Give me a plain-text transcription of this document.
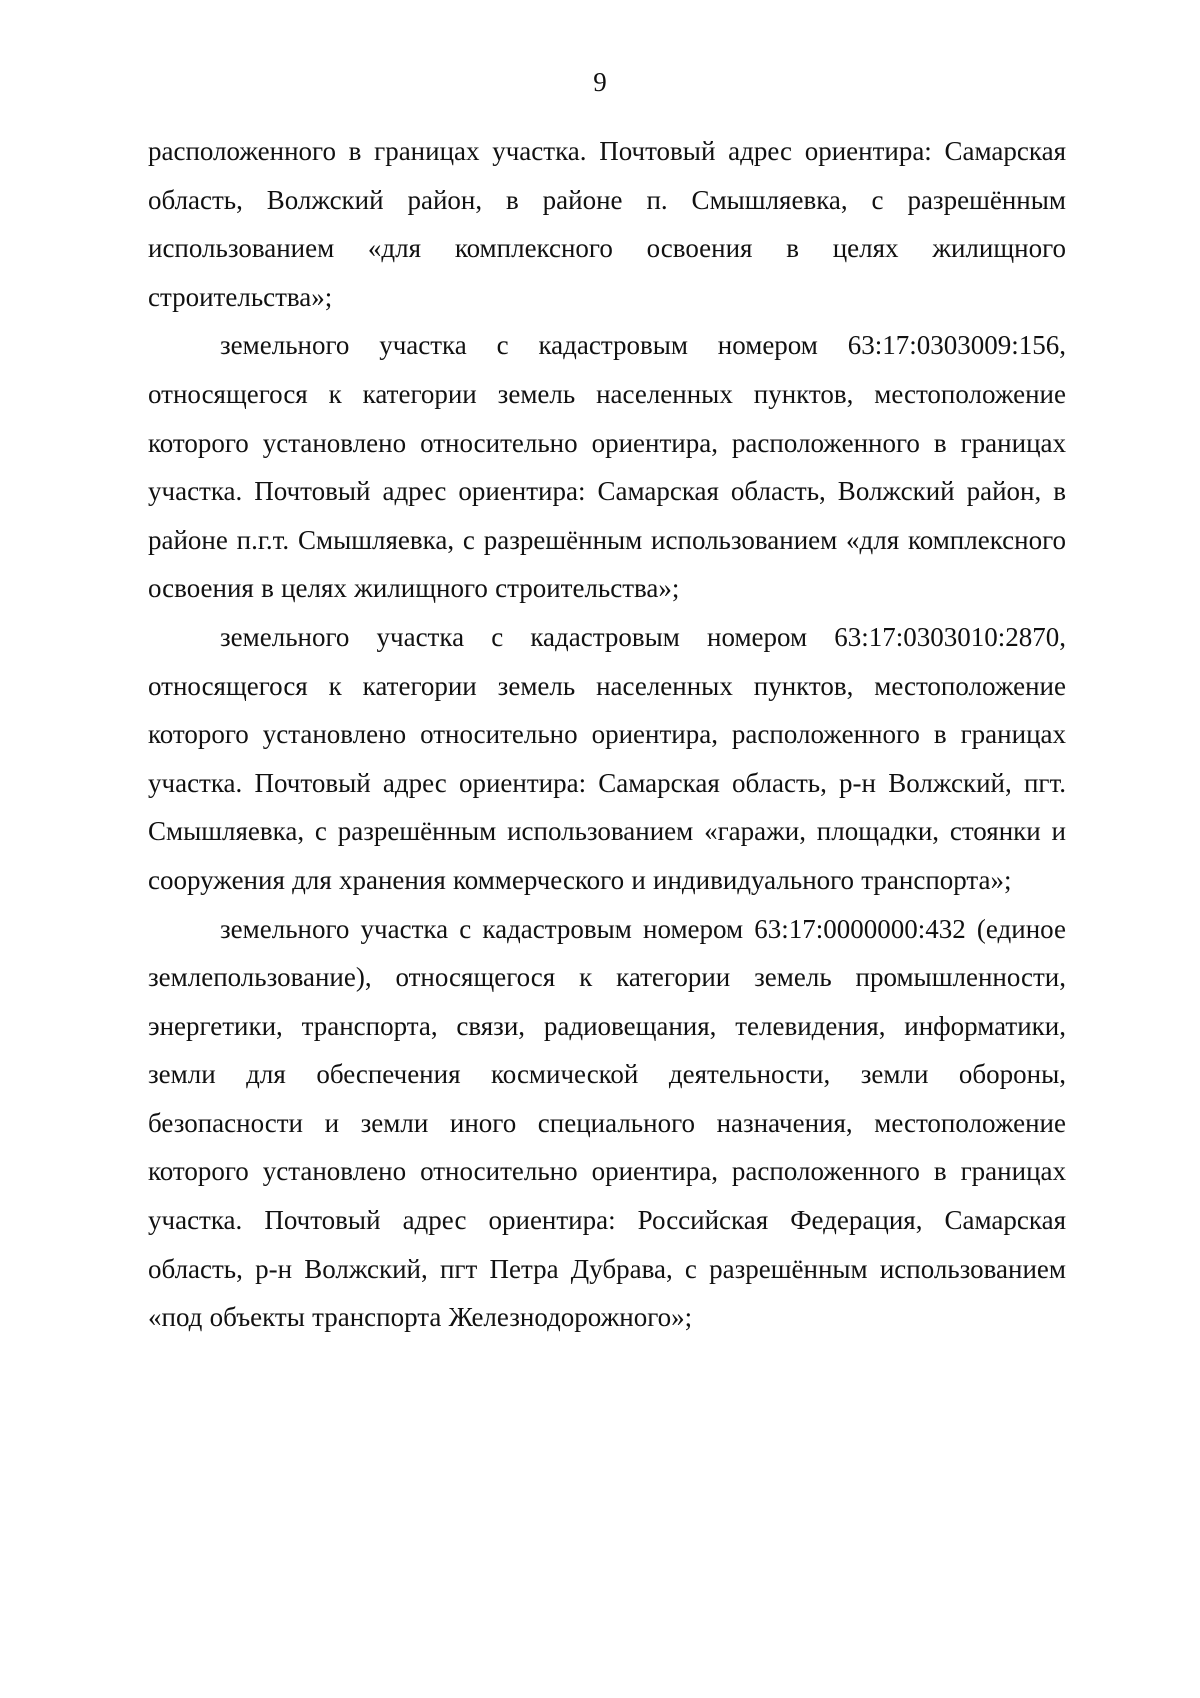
9

расположенного в границах участка. Почтовый адрес ориентира: Самарская область, Волжский район, в районе п. Смышляевка, с разрешённым использованием «для комплексного освоения в целях жилищного строительства»;

земельного участка с кадастровым номером 63:17:0303009:156, относящегося к категории земель населенных пунктов, местоположение которого установлено относительно ориентира, расположенного в границах участка. Почтовый адрес ориентира: Самарская область, Волжский район, в районе п.г.т. Смышляевка, с разрешённым использованием «для комплексного освоения в целях жилищного строительства»;

земельного участка с кадастровым номером 63:17:0303010:2870, относящегося к категории земель населенных пунктов, местоположение которого установлено относительно ориентира, расположенного в границах участка. Почтовый адрес ориентира: Самарская область, р-н Волжский, пгт. Смышляевка, с разрешённым использованием «гаражи, площадки, стоянки и сооружения для хранения коммерческого и индивидуального транспорта»;

земельного участка с кадастровым номером 63:17:0000000:432 (единое землепользование), относящегося к категории земель промышленности, энергетики, транспорта, связи, радиовещания, телевидения, информатики, земли для обеспечения космической деятельности, земли обороны, безопасности и земли иного специального назначения, местоположение которого установлено относительно ориентира, расположенного в границах участка. Почтовый адрес ориентира: Российская Федерация, Самарская область, р-н Волжский, пгт Петра Дубрава, с разрешённым использованием «под объекты транспорта Железнодорожного»;
